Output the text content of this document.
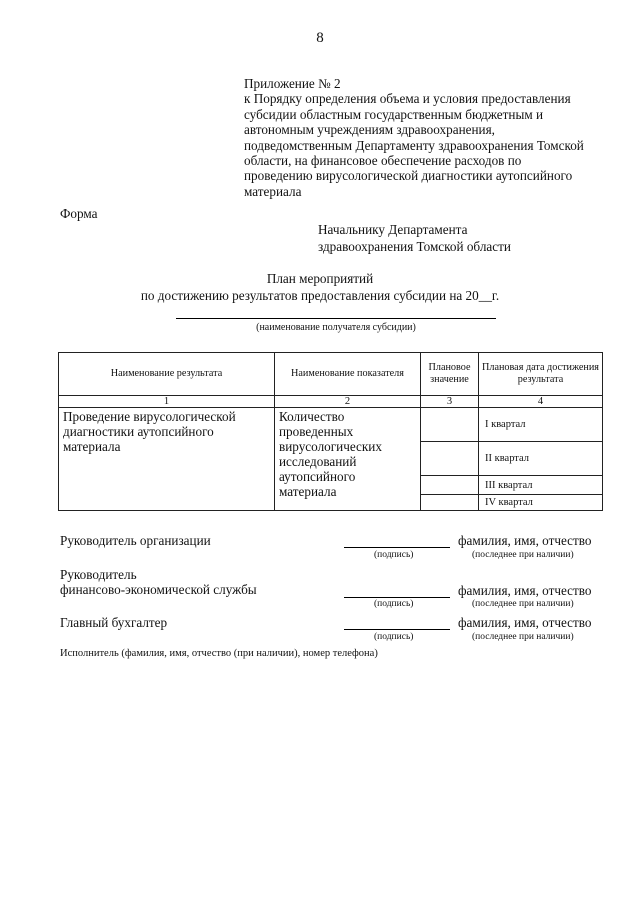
8
Приложение № 2
к Порядку определения объема и условия предоставления
субсидии областным государственным бюджетным и
автономным учреждениям здравоохранения,
подведомственным Департаменту здравоохранения Томской
области, на финансовое обеспечение расходов по
проведению вирусологической диагностики аутопсийного
материала
Форма
Начальнику Департамента
здравоохранения Томской области
План мероприятий
по достижению результатов предоставления субсидии на 20__г.
(наименование получателя субсидии)
Наименование результата	Наименование показателя	Плановое значение	Плановая дата достижения результата
1	2	3	4
Проведение вирусологической диагностики аутопсийного материала	Количество проведенных вирусологических исследований аутопсийного материала		I квартал
			II квартал
			III квартал
			IV квартал
Руководитель организации	фамилия, имя, отчество
(подпись)	(последнее при наличии)
Руководитель
финансово-экономической службы	фамилия, имя, отчество
(подпись)	(последнее при наличии)
Главный бухгалтер	фамилия, имя, отчество
(подпись)	(последнее при наличии)
Исполнитель (фамилия, имя, отчество (при наличии), номер телефона)
